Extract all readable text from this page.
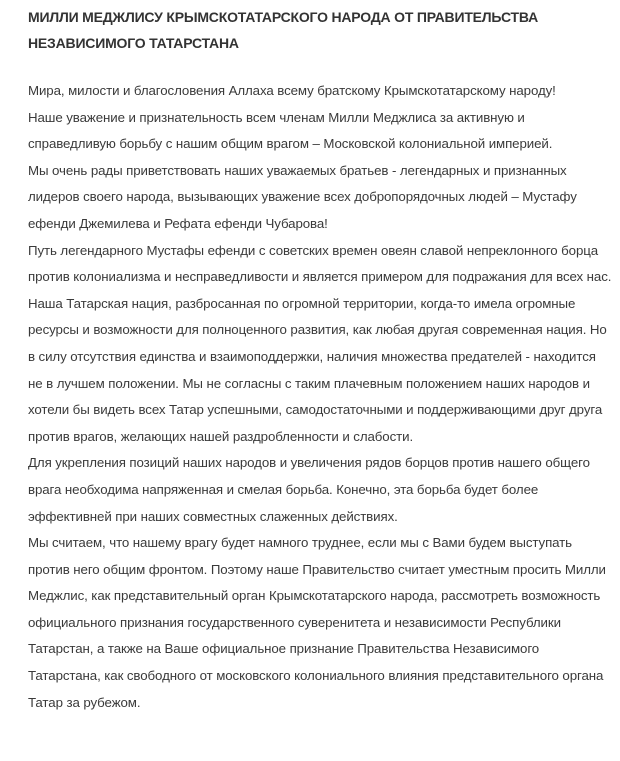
МИЛЛИ МЕДЖЛИСУ КРЫМСКОТАТАРСКОГО НАРОДА ОТ ПРАВИТЕЛЬСТВА НЕЗАВИСИМОГО ТАТАРСТАНА

Мира, милости и благословения Аллаха всему братскому Крымскотатарскому народу!

Наше уважение и признательность всем членам Милли Меджлиса за активную и справедливую борьбу с нашим общим врагом – Московской колониальной империей.

Мы очень рады приветствовать наших уважаемых братьев - легендарных и признанных лидеров своего народа, вызывающих уважение всех добропорядочных людей – Мустафу ефенди Джемилева и Рефата ефенди Чубарова!

Путь легендарного Мустафы ефенди с советских времен овеян славой непреклонного борца против колониализма и несправедливости и является примером для подражания для всех нас.

Наша Татарская нация, разбросанная по огромной территории, когда-то имела огромные ресурсы и возможности для полноценного развития, как любая другая современная нация. Но в силу отсутствия единства и взаимоподдержки, наличия множества предателей - находится не в лучшем положении. Мы не согласны с таким плачевным положением наших народов и хотели бы видеть всех Татар успешными, самодостаточными и поддерживающими друг друга против врагов, желающих нашей раздробленности и слабости.

Для укрепления позиций наших народов и увеличения рядов борцов против нашего общего врага необходима напряженная и смелая борьба. Конечно, эта борьба будет более эффективней при наших совместных слаженных действиях.

Мы считаем, что нашему врагу будет намного труднее, если мы с Вами будем выступать против него общим фронтом. Поэтому наше Правительство считает уместным просить Милли Меджлис, как представительный орган Крымскотатарского народа, рассмотреть возможность официального признания государственного суверенитета и независимости Республики Татарстан, а также на Ваше официальное признание Правительства Независимого Татарстана, как свободного от московского колониального влияния представительного органа Татар за рубежом.
